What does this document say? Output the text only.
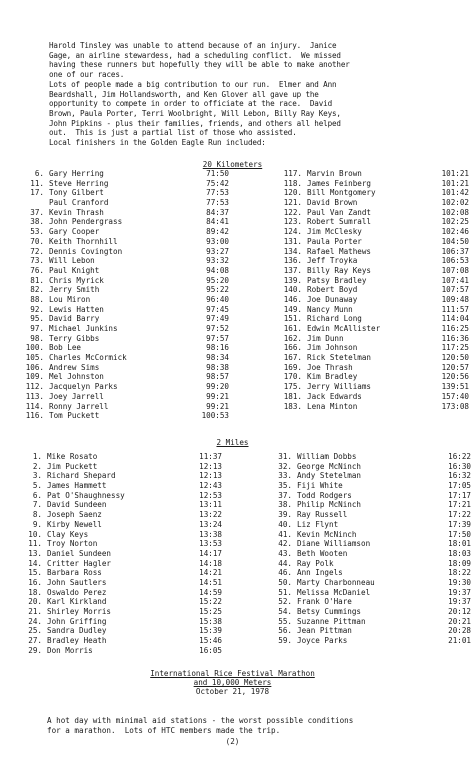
Harold Tinsley was unable to attend because of an injury.  Janice
Gage, an airline stewardess, had a scheduling conflict.  We missed
having these runners but hopefully they will be able to make another
one of our races.
Lots of people made a big contribution to our run.  Elmer and Ann
Beardshall, Jim Hollandsworth, and Ken Glover all gave up the
opportunity to compete in order to officiate at the race.  David
Brown, Paula Porter, Terri Woolbright, Will Lebon, Billy Ray Keys,
John Pipkins - plus their families, friends, and others all helped
out.  This is just a partial list of those who assisted.
Local finishers in the Golden Eagle Run included:
20 Kilometers
6. Gary Herring	71:50
11. Steve Herring	75:42
17. Tony Gilbert	77:53
Paul Cranford	77:53
37. Kevin Thrash	84:37
38. John Pendergrass	84:41
53. Gary Cooper	89:42
70. Keith Thornhill	93:00
72. Dennis Covington	93:27
73. Will Lebon	93:32
76. Paul Knight	94:08
81. Chris Myrick	95:20
82. Jerry Smith	95:22
88. Lou Miron	96:40
92. Lewis Hatten	97:45
95. David Barry	97:49
97. Michael Junkins	97:52
98. Terry Gibbs	97:57
100. Bob Lee	98:16
105. Charles McCormick	98:34
106. Andrew Sims	98:38
109. Mel Johnston	98:57
112. Jacquelyn Parks	99:20
113. Joey Jarrell	99:21
114. Ronny Jarrell	99:21
116. Tom Puckett	100:53
117. Marvin Brown	101:21
118. James Feinberg	101:21
120. Bill Montgomery	101:42
121. David Brown	102:02
122. Paul Van Zandt	102:08
123. Robert Sumrall	102:25
124. Jim McClesky	102:46
131. Paula Porter	104:50
134. Rafael Mathews	106:37
136. Jeff Troyka	106:53
137. Billy Ray Keys	107:08
139. Patsy Bradley	107:41
140. Robert Boyd	107:57
146. Joe Dunaway	109:48
149. Nancy Munn	111:57
151. Richard Long	114:04
161. Edwin McAllister	116:25
162. Jim Dunn	116:36
166. Jim Johnson	117:25
167. Rick Stetelman	120:50
169. Joe Thrash	120:57
170. Kim Bradley	120:56
175. Jerry Williams	139:51
181. Jack Edwards	157:40
183. Lena Minton	173:08
2 Miles
1. Mike Rosato	11:37
2. Jim Puckett	12:13
3. Richard Shepard	12:13
5. James Hammett	12:43
6. Pat O'Shaughnessy	12:53
7. David Sundeen	13:11
8. Joseph Saenz	13:22
9. Kirby Newell	13:24
10. Clay Keys	13:38
11. Troy Norton	13:53
13. Daniel Sundeen	14:17
14. Critter Hagler	14:18
15. Barbara Ross	14:21
16. John Sautlers	14:51
18. Oswaldo Perez	14:59
20. Karl Kirkland	15:22
21. Shirley Morris	15:25
24. John Griffing	15:38
25. Sandra Dudley	15:39
27. Bradley Heath	15:46
29. Don Morris	16:05
31. William Dobbs	16:22
32. George McNinch	16:30
33. Andy Stetelman	16:32
35. Fiji White	17:05
37. Todd Rodgers	17:17
38. Philip McNinch	17:21
39. Ray Russell	17:22
40. Liz Flynt	17:39
41. Kevin McNinch	17:50
42. Diane Williamson	18:01
43. Beth Wooten	18:03
44. Ray Polk	18:09
46. Ann Ingels	18:22
50. Marty Charbonneau	19:30
51. Melissa McDaniel	19:37
52. Frank O'Hare	19:37
54. Betsy Cummings	20:12
55. Suzanne Pittman	20:21
56. Jean Pittman	20:28
59. Joyce Parks	21:01
International Rice Festival Marathon
and 10,000 Meters
October 21, 1978
A hot day with minimal aid stations - the worst possible conditions
for a marathon.  Lots of HTC members made the trip.
(2)
